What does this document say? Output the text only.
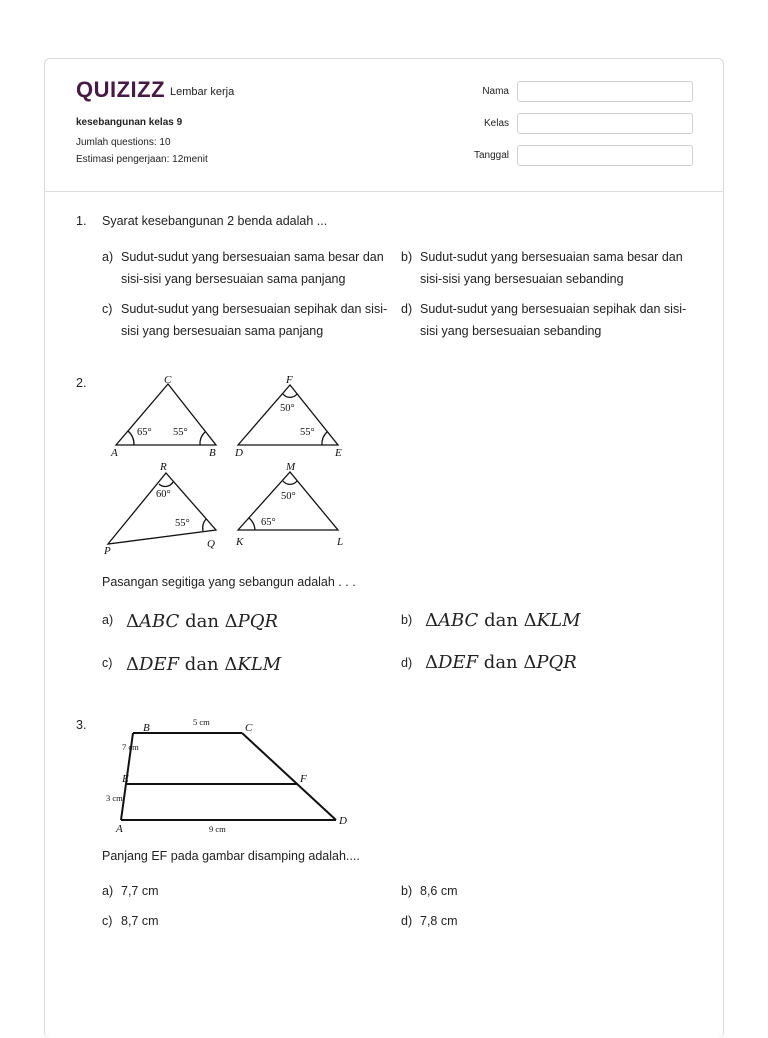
QUIZIZZ Lembar kerja
kesebangunan kelas 9
Jumlah questions: 10
Estimasi pengerjaan: 12menit
Nama
Kelas
Tanggal
1. Syarat kesebangunan 2 benda adalah ...
a) Sudut-sudut yang bersesuaian sama besar dan sisi-sisi yang bersesuaian sama panjang
b) Sudut-sudut yang bersesuaian sama besar dan sisi-sisi yang bersesuaian sebanding
c) Sudut-sudut yang bersesuaian sepihak dan sisi-sisi yang bersesuaian sama panjang
d) Sudut-sudut yang bersesuaian sepihak dan sisi-sisi yang bersesuaian sebanding
2.	C
A	B
F
D	E
R
P
Q
M
K	L
65° 55°
50°
55°
60°
55°
50°
65°
Pasangan segitiga yang sebangun adalah . . .
a) ΔABC dan ΔPQR	b) ΔABC dan ΔKLM
c) ΔDEF dan ΔKLM	d) ΔDEF dan ΔPQR
3.	B	C
E	F
A
D
5 cm
7 cm
3 cm
9 cm
Panjang EF pada gambar disamping adalah....
a) 7,7 cm	b) 8,6 cm
c) 8,7 cm	d) 7,8 cm
